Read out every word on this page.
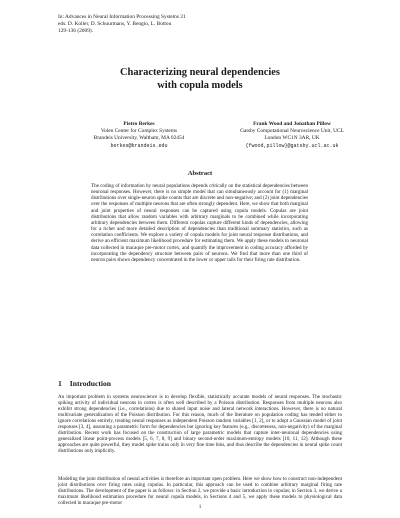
In: Advances in Neural Information Processing Systems 21
eds. D. Koller, D. Schuurmans, Y. Bengio, L. Bottou
129-136 (2009).
Characterizing neural dependencies
with copula models
Pietro Berkes
Volen Center for Complex Systems
Brandeis University, Waltham, MA 02454
berkes@brandeis.edu
Frank Wood and Jonathan Pillow
Gatsby Computational Neuroscience Unit, UCL
London WC1N 3AR, UK
{fwood,pillow}@gatsby.ucl.ac.uk
Abstract
The coding of information by neural populations depends critically on the statistical dependencies between neuronal responses. However, there is no simple model that can simultaneously account for (1) marginal distributions over single-neuron spike counts that are discrete and non-negative; and (2) joint dependencies over the responses of multiple neurons that are often strongly dependent. Here, we show that both marginal and joint properties of neural responses can be captured using copula models. Copulas are joint distributions that allow random variables with arbitrary marginals to be combined while incorporating arbitrary dependencies between them. Different copulas capture different kinds of dependencies, allowing for a richer and more detailed description of dependencies than traditional summary statistics, such as correlation coefficients. We explore a variety of copula models for joint neural response distributions, and derive an efficient maximum likelihood procedure for estimating them. We apply these models to neuronal data collected in macaque pre-motor cortex, and quantify the improvement in coding accuracy afforded by incorporating the dependency structure between pairs of neurons. We find that more than one third of neuron pairs shows dependency concentrated in the lower or upper tails for their firing rate distribution.
1 Introduction
An important problem in systems neuroscience is to develop flexible, statistically accurate models of neural responses. The stochastic spiking activity of individual neurons in cortex is often well described by a Poisson distribution. Responses from multiple neurons also exhibit strong dependencies (i.e., correlations) due to shared input noise and lateral network interactions. However, there is no natural multivariate generalization of the Poisson distribution. For this reason, much of the literature on population coding has tended either to ignore correlations entirely, treating neural responses as independent Poisson random variables [1, 2], or to adopt a Gaussian model of joint responses [3, 4], assuming a parametric form for dependencies but ignoring key features (e.g., discreteness, non-negativity) of the marginal distribution. Recent work has focused on the construction of large parametric models that capture inter-neuronal dependencies using generalized linear point-process models [5, 6, 7, 8, 9] and binary second-order maximum-entropy models [10, 11, 12]. Although these approaches are quite powerful, they model spike trains only in very fine time bins, and thus describe the dependencies in neural spike count distributions only implicitly.
Modeling the joint distribution of neural activities is therefore an important open problem. Here we show how to construct non-independent joint distributions over firing rates using copulas. In particular, this approach can be used to combine arbitrary marginal firing rate distributions. The development of the paper is as follows: in Section 2, we provide a basic introduction to copulas; in Section 3, we derive a maximum likelihood estimation procedure for neural copula models, in Sections 4 and 5, we apply these models to physiological data collected in macaque pre-motor
1
